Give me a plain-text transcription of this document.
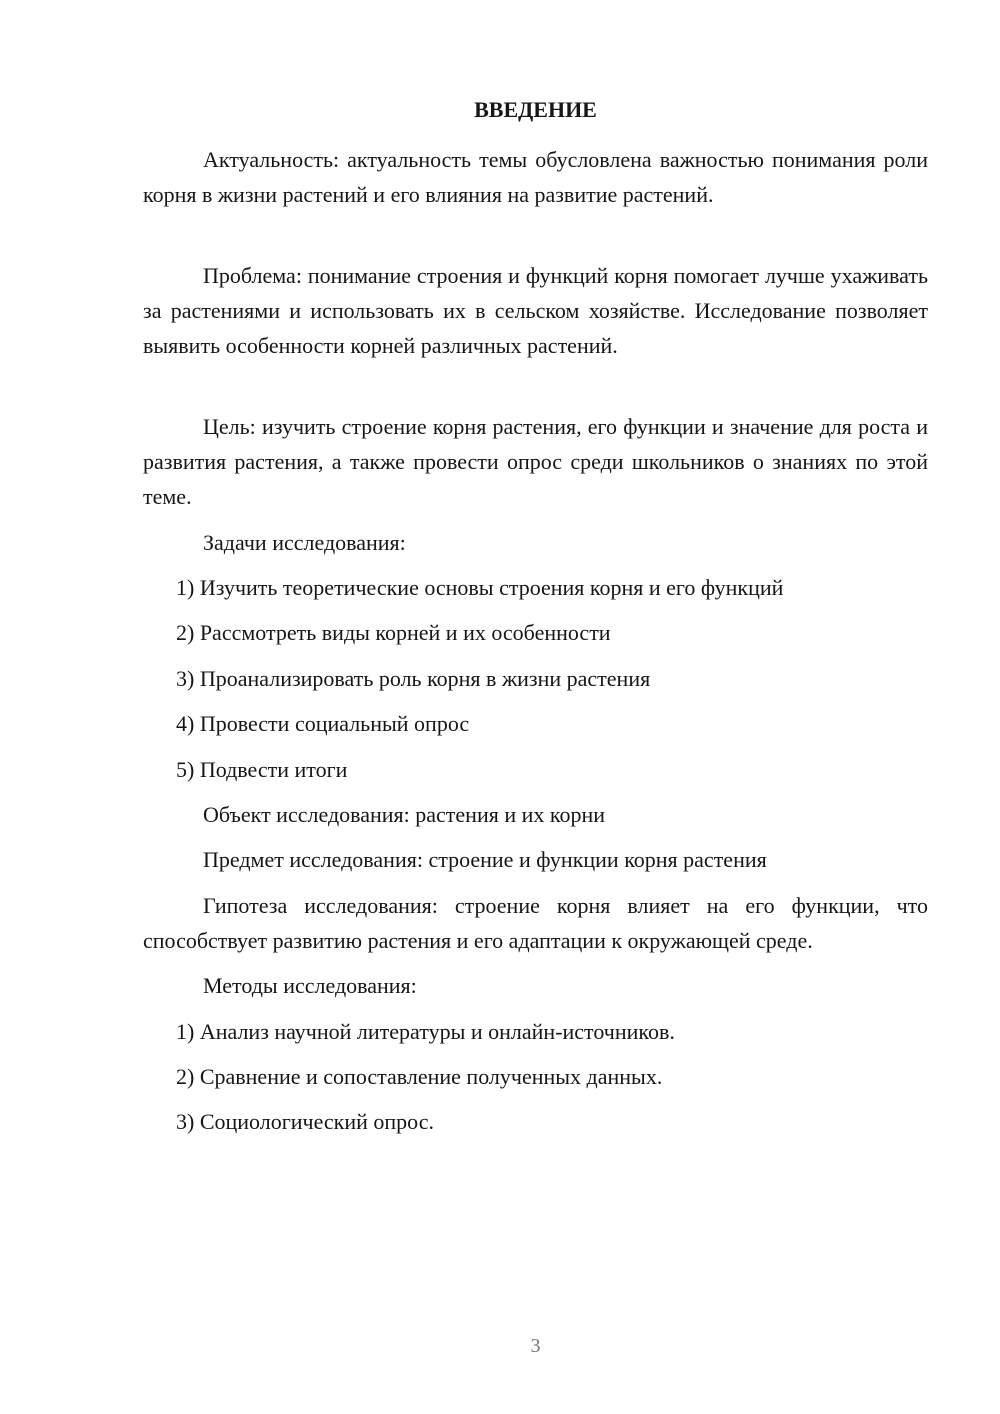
ВВЕДЕНИЕ

Актуальность: актуальность темы обусловлена важностью понимания роли корня в жизни растений и его влияния на развитие растений.

Проблема: понимание строения и функций корня помогает лучше ухаживать за растениями и использовать их в сельском хозяйстве. Исследование позволяет выявить особенности корней различных растений.

Цель: изучить строение корня растения, его функции и значение для роста и развития растения, а также провести опрос среди школьников о знаниях по этой теме.

Задачи исследования:

1) Изучить теоретические основы строения корня и его функций

2) Рассмотреть виды корней и их особенности

3) Проанализировать роль корня в жизни растения

4) Провести социальный опрос

5) Подвести итоги

Объект исследования: растения и их корни

Предмет исследования: строение и функции корня растения

Гипотеза исследования: строение корня влияет на его функции, что способствует развитию растения и его адаптации к окружающей среде.

Методы исследования:

1) Анализ научной литературы и онлайн-источников.

2) Сравнение и сопоставление полученных данных.

3) Социологический опрос.

3
